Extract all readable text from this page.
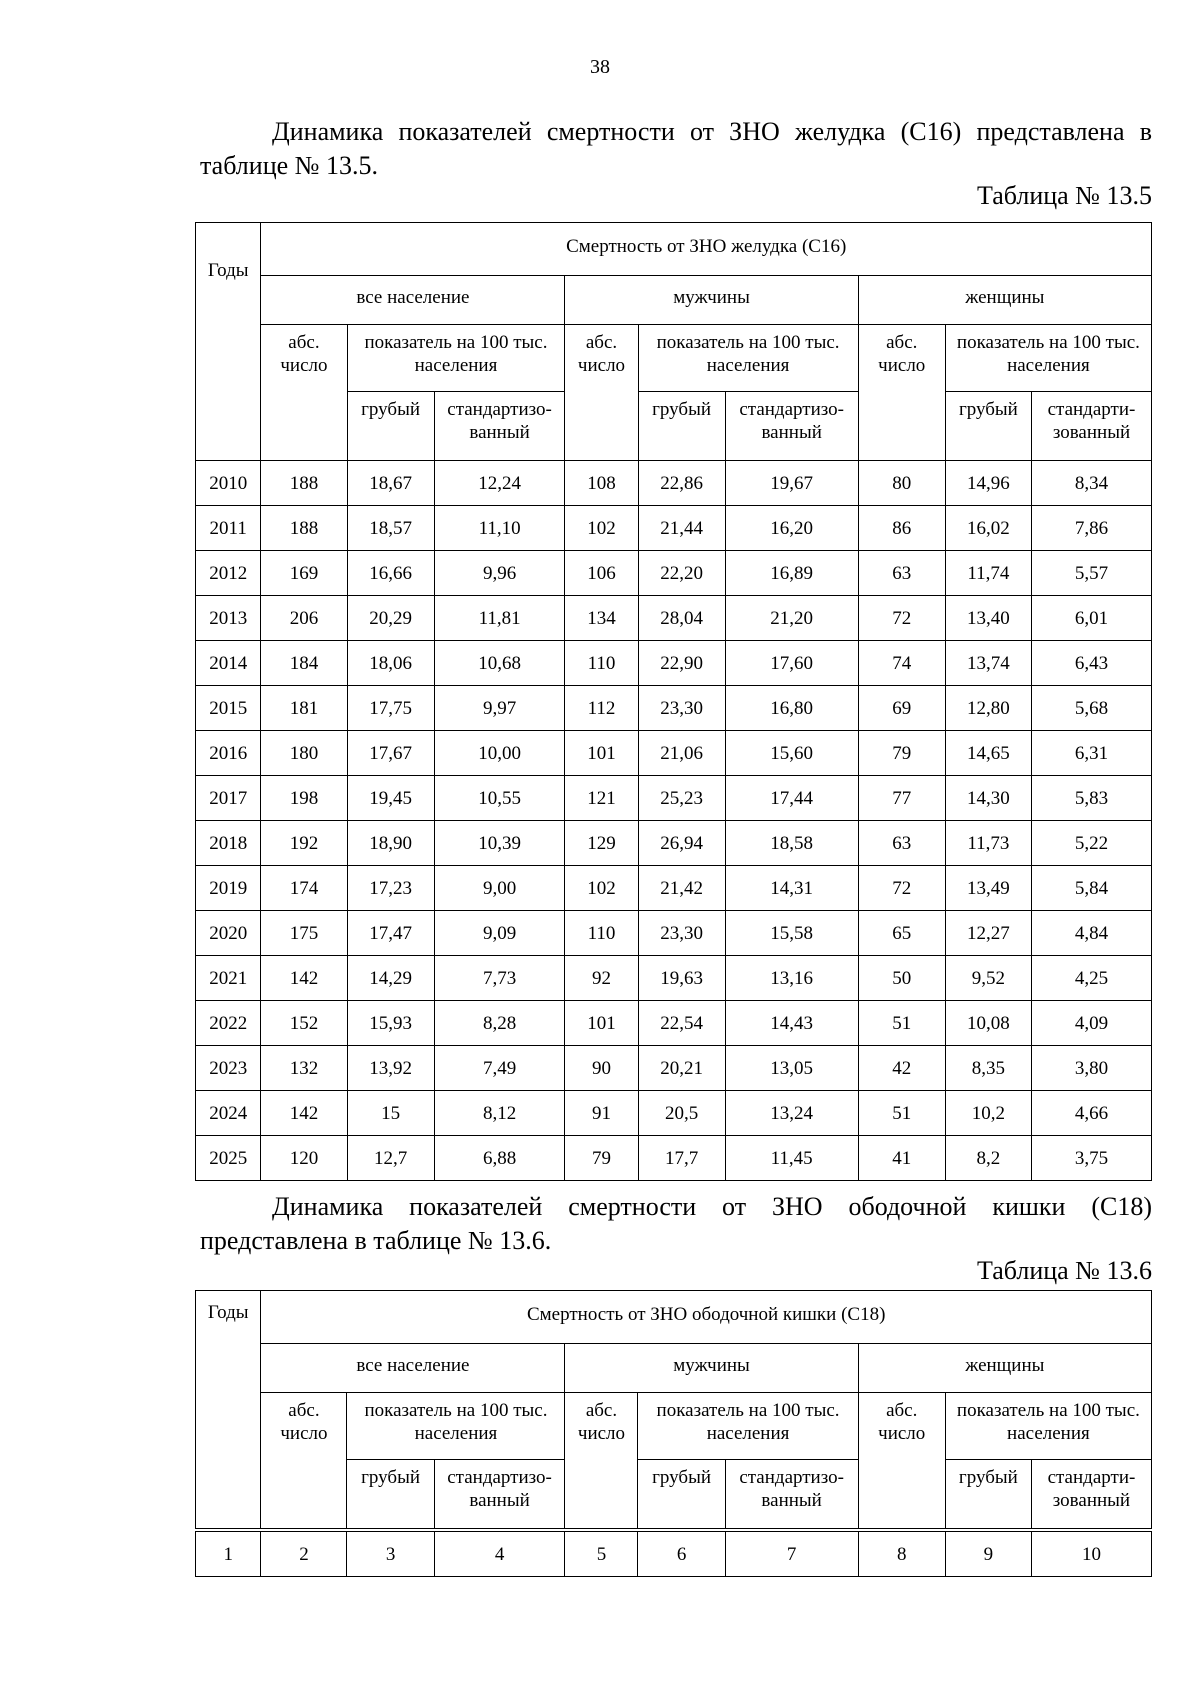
38
Динамика показателей смертности от ЗНО желудка (С16) представлена в таблице № 13.5.
Таблица № 13.5
Годы	Смертность от ЗНО желудка (С16)								
	все население			мужчины			женщины		
	абс. число	показатель на 100 тыс. населения		абс. число	показатель на 100 тыс. населения		абс. число	показатель на 100 тыс. населения	
		грубый	стандартизо-ванный		грубый	стандартизо-ванный		грубый	стандарти-зованный
2010	188	18,67	12,24	108	22,86	19,67	80	14,96	8,34
2011	188	18,57	11,10	102	21,44	16,20	86	16,02	7,86
2012	169	16,66	9,96	106	22,20	16,89	63	11,74	5,57
2013	206	20,29	11,81	134	28,04	21,20	72	13,40	6,01
2014	184	18,06	10,68	110	22,90	17,60	74	13,74	6,43
2015	181	17,75	9,97	112	23,30	16,80	69	12,80	5,68
2016	180	17,67	10,00	101	21,06	15,60	79	14,65	6,31
2017	198	19,45	10,55	121	25,23	17,44	77	14,30	5,83
2018	192	18,90	10,39	129	26,94	18,58	63	11,73	5,22
2019	174	17,23	9,00	102	21,42	14,31	72	13,49	5,84
2020	175	17,47	9,09	110	23,30	15,58	65	12,27	4,84
2021	142	14,29	7,73	92	19,63	13,16	50	9,52	4,25
2022	152	15,93	8,28	101	22,54	14,43	51	10,08	4,09
2023	132	13,92	7,49	90	20,21	13,05	42	8,35	3,80
2024	142	15	8,12	91	20,5	13,24	51	10,2	4,66
2025	120	12,7	6,88	79	17,7	11,45	41	8,2	3,75
Динамика показателей смертности от ЗНО ободочной кишки (С18)
представлена в таблице № 13.6.
Таблица № 13.6
Годы	Смертность от ЗНО ободочной кишки (С18)								
	все население			мужчины			женщины		
	абс. число	показатель на 100 тыс. населения		абс. число	показатель на 100 тыс. населения		абс. число	показатель на 100 тыс. населения	
		грубый	стандартизо-ванный		грубый	стандартизо-ванный		грубый	стандарти-зованный
1	2	3	4	5	6	7	8	9	10
